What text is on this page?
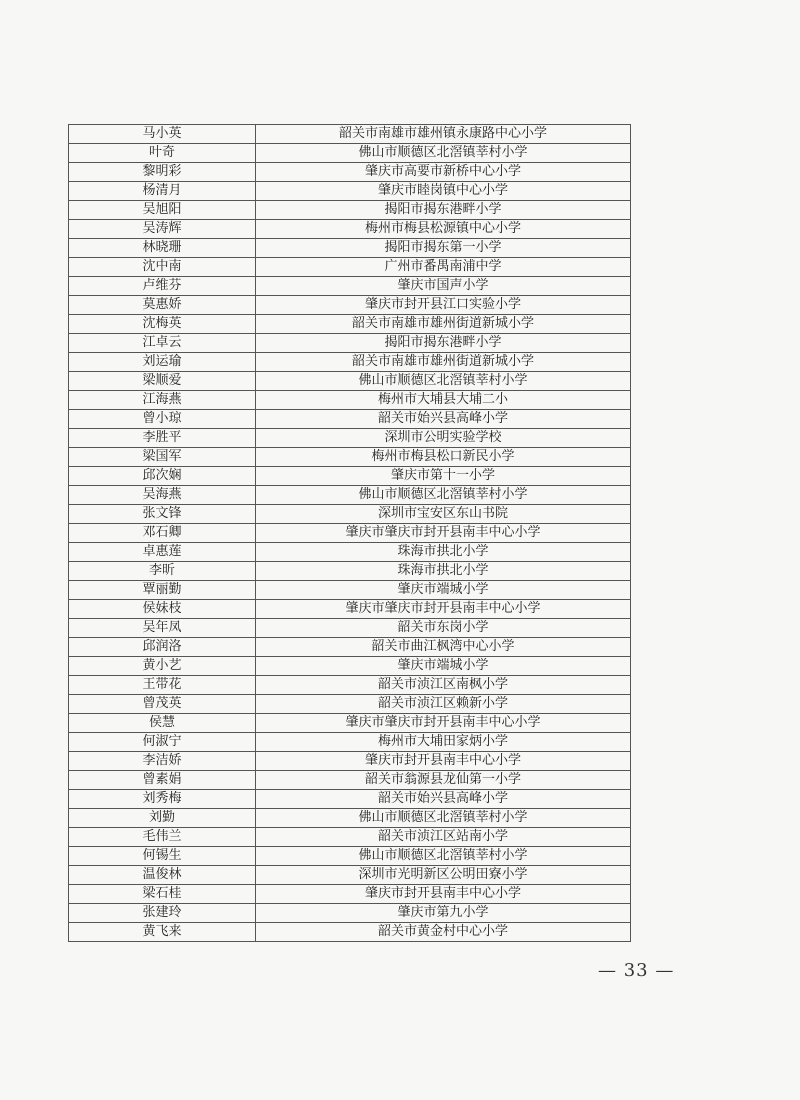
马小英	韶关市南雄市雄州镇永康路中心小学
叶奇	佛山市顺德区北滘镇莘村小学
黎明彩	肇庆市高要市新桥中心小学
杨清月	肇庆市睦岗镇中心小学
吴旭阳	揭阳市揭东港畔小学
吴涛辉	梅州市梅县松源镇中心小学
林晓珊	揭阳市揭东第一小学
沈中南	广州市番禺南浦中学
卢维芬	肇庆市国声小学
莫惠娇	肇庆市封开县江口实验小学
沈梅英	韶关市南雄市雄州街道新城小学
江卓云	揭阳市揭东港畔小学
刘运瑜	韶关市南雄市雄州街道新城小学
梁顺爱	佛山市顺德区北滘镇莘村小学
江海燕	梅州市大埔县大埔二小
曾小琼	韶关市始兴县高峰小学
李胜平	深圳市公明实验学校
梁国军	梅州市梅县松口新民小学
邱次娴	肇庆市第十一小学
吴海燕	佛山市顺德区北滘镇莘村小学
张文锋	深圳市宝安区东山书院
邓石卿	肇庆市肇庆市封开县南丰中心小学
卓惠莲	珠海市拱北小学
李昕	珠海市拱北小学
覃丽勤	肇庆市端城小学
侯妹枝	肇庆市肇庆市封开县南丰中心小学
吴年凤	韶关市东岗小学
邱润洛	韶关市曲江枫湾中心小学
黄小艺	肇庆市端城小学
王带花	韶关市浈江区南枫小学
曾茂英	韶关市浈江区赖新小学
侯慧	肇庆市肇庆市封开县南丰中心小学
何淑宁	梅州市大埔田家炳小学
李洁娇	肇庆市封开县南丰中心小学
曾素娟	韶关市翁源县龙仙第一小学
刘秀梅	韶关市始兴县高峰小学
刘勤	佛山市顺德区北滘镇莘村小学
毛伟兰	韶关市浈江区站南小学
何锡生	佛山市顺德区北滘镇莘村小学
温俊林	深圳市光明新区公明田寮小学
梁石桂	肇庆市封开县南丰中心小学
张建玲	肇庆市第九小学
黄飞来	韶关市黄金村中心小学
— 33 —
